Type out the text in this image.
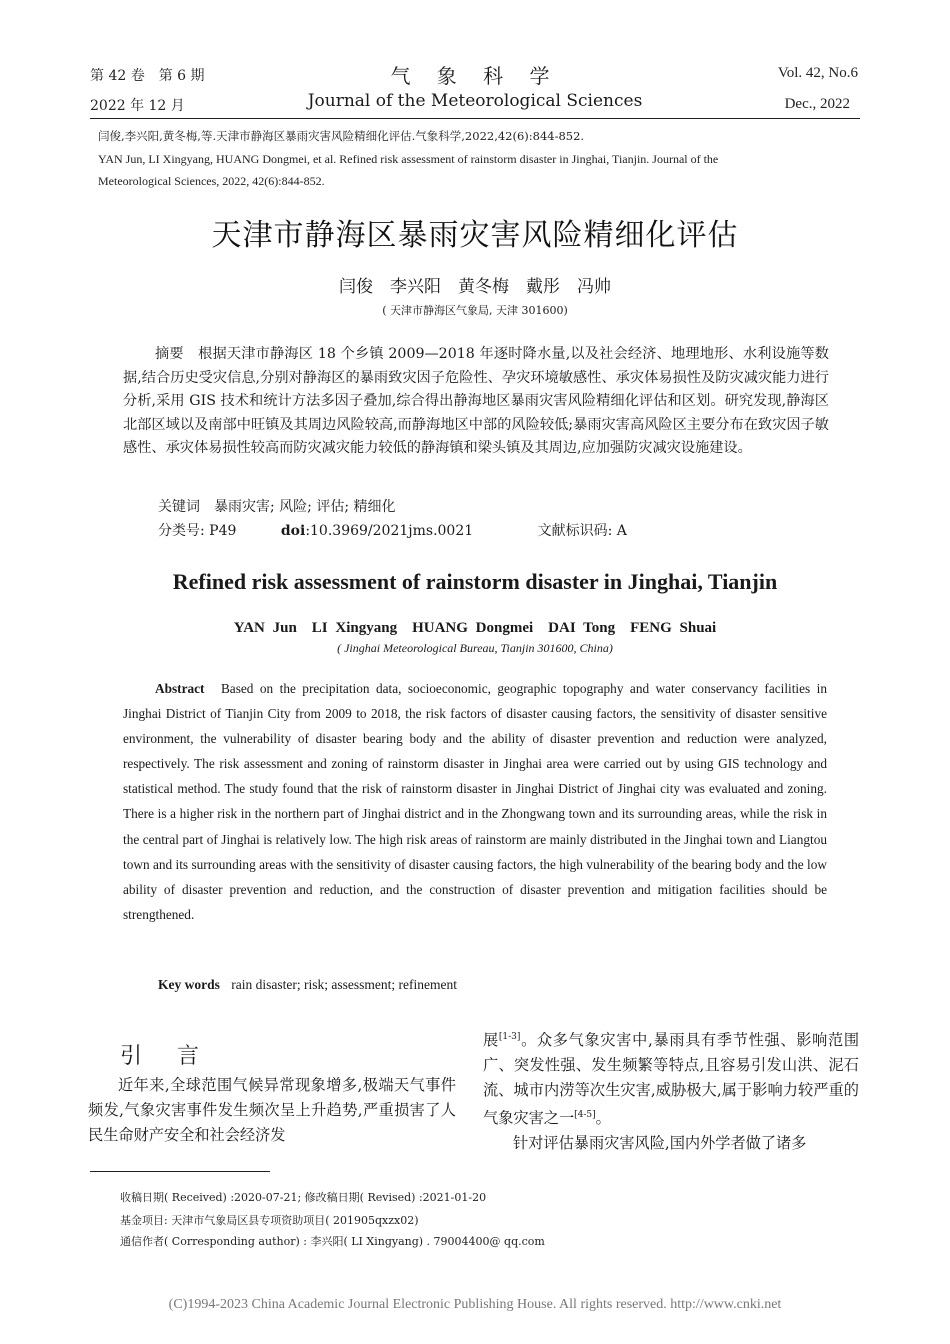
第 42 卷　第 6 期
2022 年 12 月
气 象 科 学
Journal of the Meteorological Sciences
Vol. 42, No.6
Dec., 2022
闫俊,李兴阳,黄冬梅,等.天津市静海区暴雨灾害风险精细化评估.气象科学,2022,42(6):844-852.
YAN Jun, LI Xingyang, HUANG Dongmei, et al. Refined risk assessment of rainstorm disaster in Jinghai, Tianjin. Journal of the
Meteorological Sciences, 2022, 42(6):844-852.
天津市静海区暴雨灾害风险精细化评估
闫俊　李兴阳　黄冬梅　戴彤　冯帅
( 天津市静海区气象局, 天津 301600)
摘要　根据天津市静海区 18 个乡镇 2009—2018 年逐时降水量,以及社会经济、地理地形、水利设施等数据,结合历史受灾信息,分别对静海区的暴雨致灾因子危险性、孕灾环境敏感性、承灾体易损性及防灾减灾能力进行分析,采用 GIS 技术和统计方法多因子叠加,综合得出静海地区暴雨灾害风险精细化评估和区划。研究发现,静海区北部区域以及南部中旺镇及其周边风险较高,而静海地区中部的风险较低;暴雨灾害高风险区主要分布在致灾因子敏感性、承灾体易损性较高而防灾减灾能力较低的静海镇和梁头镇及其周边,应加强防灾减灾设施建设。
关键词　暴雨灾害; 风险; 评估; 精细化
分类号: P49	doi:10.3969/2021jms.0021	文献标识码: A
Refined risk assessment of rainstorm disaster in Jinghai, Tianjin
YAN Jun　LI Xingyang　HUANG Dongmei　DAI Tong　FENG Shuai
( Jinghai Meteorological Bureau, Tianjin 301600, China)
Abstract Based on the precipitation data, socioeconomic, geographic topography and water conservancy facilities in Jinghai District of Tianjin City from 2009 to 2018, the risk factors of disaster causing factors, the sensitivity of disaster sensitive environment, the vulnerability of disaster bearing body and the ability of disaster prevention and reduction were analyzed, respectively. The risk assessment and zoning of rainstorm disaster in Jinghai area were carried out by using GIS technology and statistical method. The study found that the risk of rainstorm disaster in Jinghai District of Jinghai city was evaluated and zoning. There is a higher risk in the northern part of Jinghai district and in the Zhongwang town and its surrounding areas, while the risk in the central part of Jinghai is relatively low. The high risk areas of rainstorm are mainly distributed in the Jinghai town and Liangtou town and its surrounding areas with the sensitivity of disaster causing factors, the high vulnerability of the bearing body and the low ability of disaster prevention and reduction, and the construction of disaster prevention and mitigation facilities should be strengthened.
Key words rain disaster; risk; assessment; refinement
引 言
近年来,全球范围气候异常现象增多,极端天气事件频发,气象灾害事件发生频次呈上升趋势,严重损害了人民生命财产安全和社会经济发
展[1-3]。众多气象灾害中,暴雨具有季节性强、影响范围广、突发性强、发生频繁等特点,且容易引发山洪、泥石流、城市内涝等次生灾害,威胁极大,属于影响力较严重的气象灾害之一[4-5]。
针对评估暴雨灾害风险,国内外学者做了诸多
收稿日期( Received) :2020-07-21; 修改稿日期( Revised) :2021-01-20
基金项目: 天津市气象局区县专项资助项目( 201905qxzx02)
通信作者( Corresponding author) : 李兴阳( LI Xingyang) . 79004400@ qq.com
(C)1994-2023 China Academic Journal Electronic Publishing House. All rights reserved. http://www.cnki.net
